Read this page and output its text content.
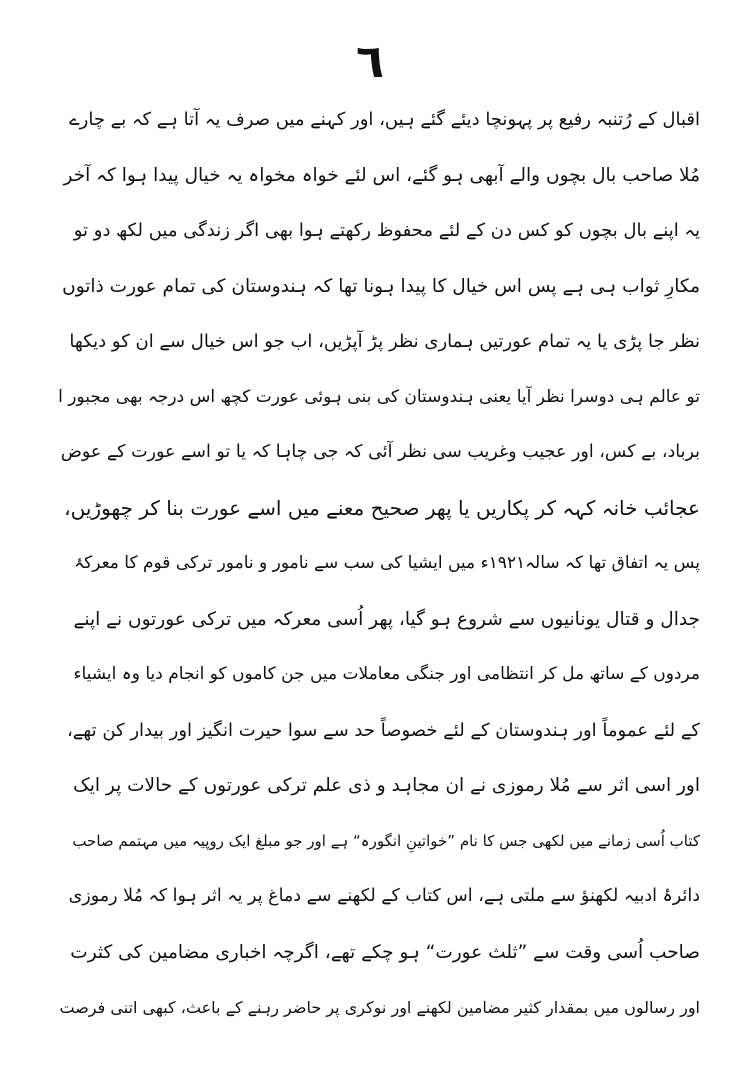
٦
اقبال کے رُتنبہ رفیع پر پہونچا دیئے گئے ہیں، اور کہنے میں صرف یہ آتا ہے کہ بے چارے
مُلا صاحب بال بچوں والے آبھی ہو گئے، اس لئے خواہ مخواہ یہ خیال پیدا ہوا کہ آخر
یہ اپنے بال بچوں کو کس دن کے لئے محفوظ رکھتے ہوا بھی اگر زندگی میں لکھ دو تو
مکارِ ثواب ہی ہے پس اس خیال کا پیدا ہونا تھا کہ ہندوستان کی تمام عورت ذاتوں
نظر جا پڑی یا یہ تمام عورتیں ہماری نظر پڑ آپڑیں، اب جو اس خیال سے ان کو دیکھا
تو عالم ہی دوسرا نظر آیا یعنی ہندوستان کی بنی ہوئی عورت کچھ اس درجہ بھی مجبور ا
برباد، بے کس، اور عجیب وغریب سی نظر آئی کہ جی چاہا کہ یا تو اسے عورت کے عوض
عجائب خانہ کہہ کر پکاریں یا پھر صحیح معنے میں اسے عورت بنا کر چھوڑیں،
پس یہ اتفاق تھا کہ سالہ۱۹۲۱ء میں ایشیا کی سب سے نامور و نامور ترکی قوم کا معرکۂ
جدال و قتال یونانیوں سے شروع ہو گیا، پھر اُسی معرکہ میں ترکی عورتوں نے اپنے
مردوں کے ساتھ مل کر انتظامی اور جنگی معاملات میں جن کاموں کو انجام دیا وہ ایشیاء
کے لئے عموماً اور ہندوستان کے لئے خصوصاً حد سے سوا حیرت انگیز اور بیدار کن تھے،
اور اسی اثر سے مُلا رموزی نے ان مجاہد و ذی علم ترکی عورتوں کے حالات پر ایک
کتاب اُسی زمانے میں لکھی جس کا نام ”خواتینِ انگورہ“ ہے اور جو مبلغ ایک روپیہ میں مہتمم صاحب
دائرۂ ادبیہ لکھنؤ سے ملتی ہے، اس کتاب کے لکھنے سے دماغ پر یہ اثر ہوا کہ مُلا رموزی
صاحب اُسی وقت سے ”ثلث عورت“ ہو چکے تھے، اگرچہ اخباری مضامین کی کثرت
اور رسالوں میں بمقدار کثیر مضامین لکھنے اور نوکری پر حاضر رہنے کے باعث، کبھی اتنی فرصت
